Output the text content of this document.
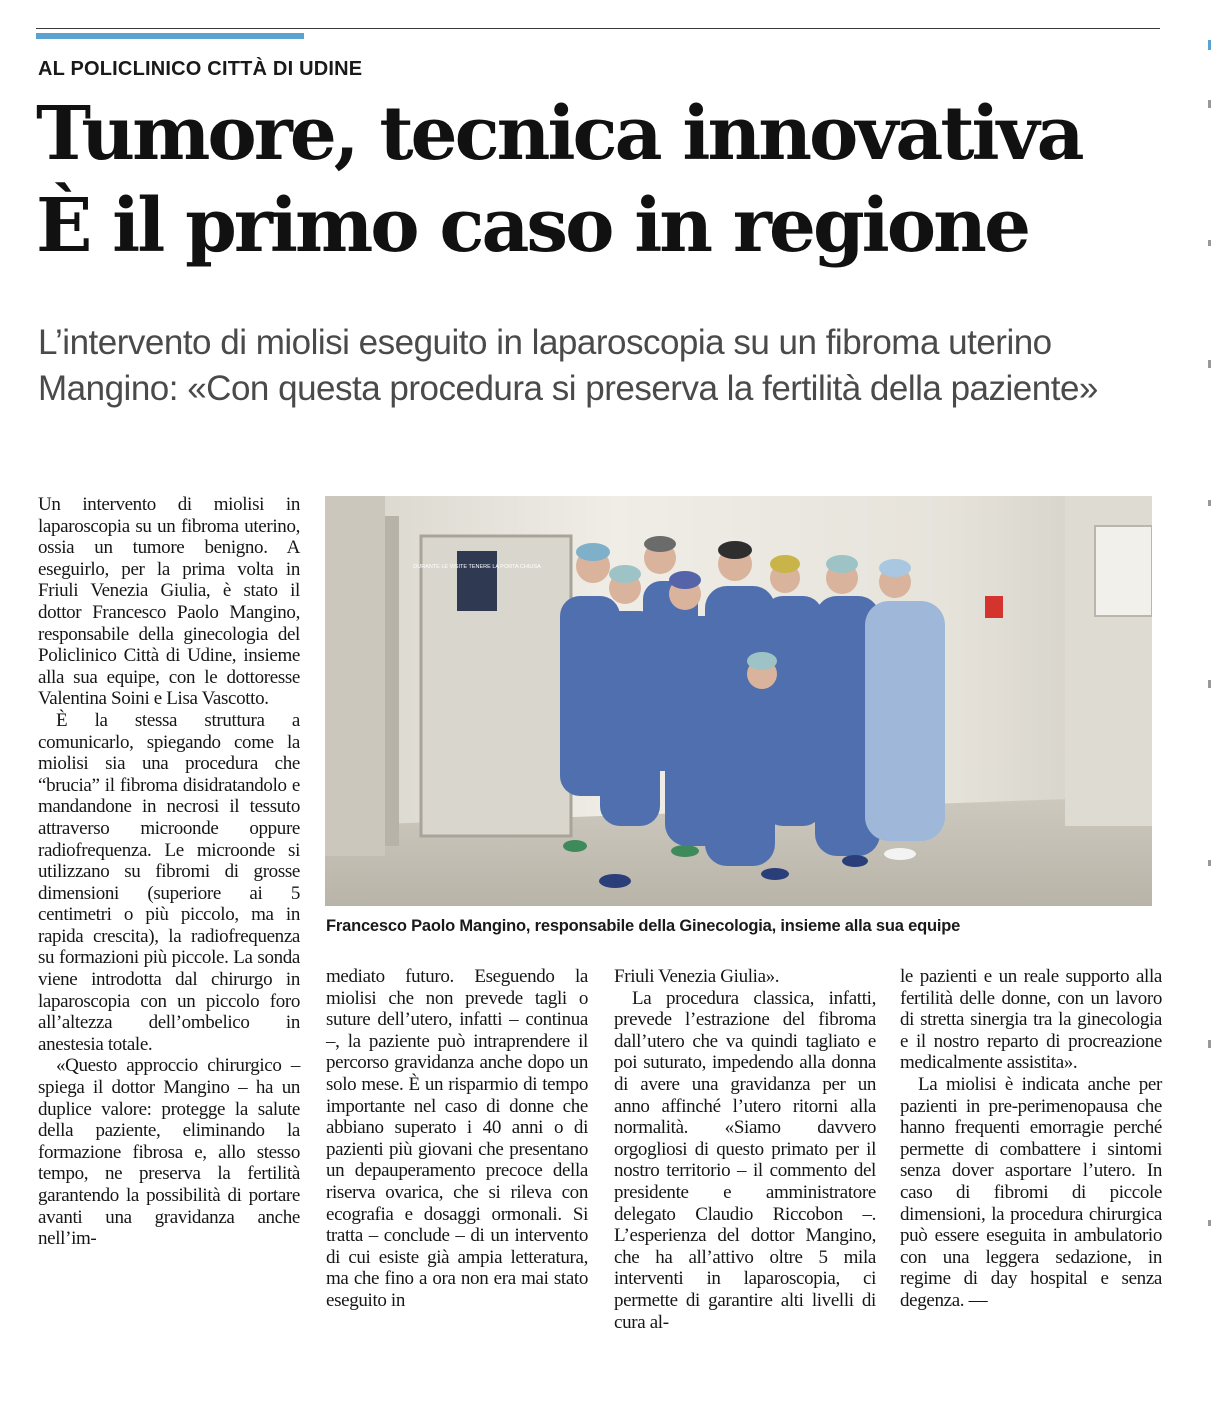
AL POLICLINICO CITTÀ DI UDINE
Tumore, tecnica innovativa
È il primo caso in regione

L’intervento di miolisi eseguito in laparoscopia su un fibroma uterino
Mangino: «Con questa procedura si preserva la fertilità della paziente»

Un intervento di miolisi in laparoscopia su un fibroma uterino, ossia un tumore benigno. A eseguirlo, per la prima volta in Friuli Venezia Giulia, è stato il dottor Francesco Paolo Mangino, responsabile della ginecologia del Policlinico Città di Udine, insieme alla sua equipe, con le dottoresse Valentina Soini e Lisa Vascotto.

È la stessa struttura a comunicarlo, spiegando come la miolisi sia una procedura che “brucia” il fibroma disidratandolo e mandandone in necrosi il tessuto attraverso microonde oppure radiofrequenza. Le microonde si utilizzano su fibromi di grosse dimensioni (superiore ai 5 centimetri o più piccolo, ma in rapida crescita), la radiofrequenza su formazioni più piccole. La sonda viene introdotta dal chirurgo in laparoscopia con un piccolo foro all’altezza dell’ombelico in anestesia totale.

«Questo approccio chirurgico – spiega il dottor Mangino – ha un duplice valore: protegge la salute della paziente, eliminando la formazione fibrosa e, allo stesso tempo, ne preserva la fertilità garantendo la possibilità di portare avanti una gravidanza anche nell’im-

DURANTE LE VISITE TENERE LA PORTA CHIUSA
Francesco Paolo Mangino, responsabile della Ginecologia, insieme alla sua equipe

mediato futuro. Eseguendo la miolisi che non prevede tagli o suture dell’utero, infatti – continua –, la paziente può intraprendere il percorso gravidanza anche dopo un solo mese. È un risparmio di tempo importante nel caso di donne che abbiano superato i 40 anni o di pazienti più giovani che presentano un depauperamento precoce della riserva ovarica, che si rileva con ecografia e dosaggi ormonali. Si tratta – conclude – di un intervento di cui esiste già ampia letteratura, ma che fino a ora non era mai stato eseguito in

Friuli Venezia Giulia».

La procedura classica, infatti, prevede l’estrazione del fibroma dall’utero che va quindi tagliato e poi suturato, impedendo alla donna di avere una gravidanza per un anno affinché l’utero ritorni alla normalità. «Siamo davvero orgogliosi di questo primato per il nostro territorio – il commento del presidente e amministratore delegato Claudio Riccobon –. L’esperienza del dottor Mangino, che ha all’attivo oltre 5 mila interventi in laparoscopia, ci permette di garantire alti livelli di cura al-

le pazienti e un reale supporto alla fertilità delle donne, con un lavoro di stretta sinergia tra la ginecologia e il nostro reparto di procreazione medicalmente assistita».

La miolisi è indicata anche per pazienti in pre-perimenopausa che hanno frequenti emorragie perché permette di combattere i sintomi senza dover asportare l’utero. In caso di fibromi di piccole dimensioni, la procedura chirurgica può essere eseguita in ambulatorio con una leggera sedazione, in regime di day hospital e senza degenza. —
